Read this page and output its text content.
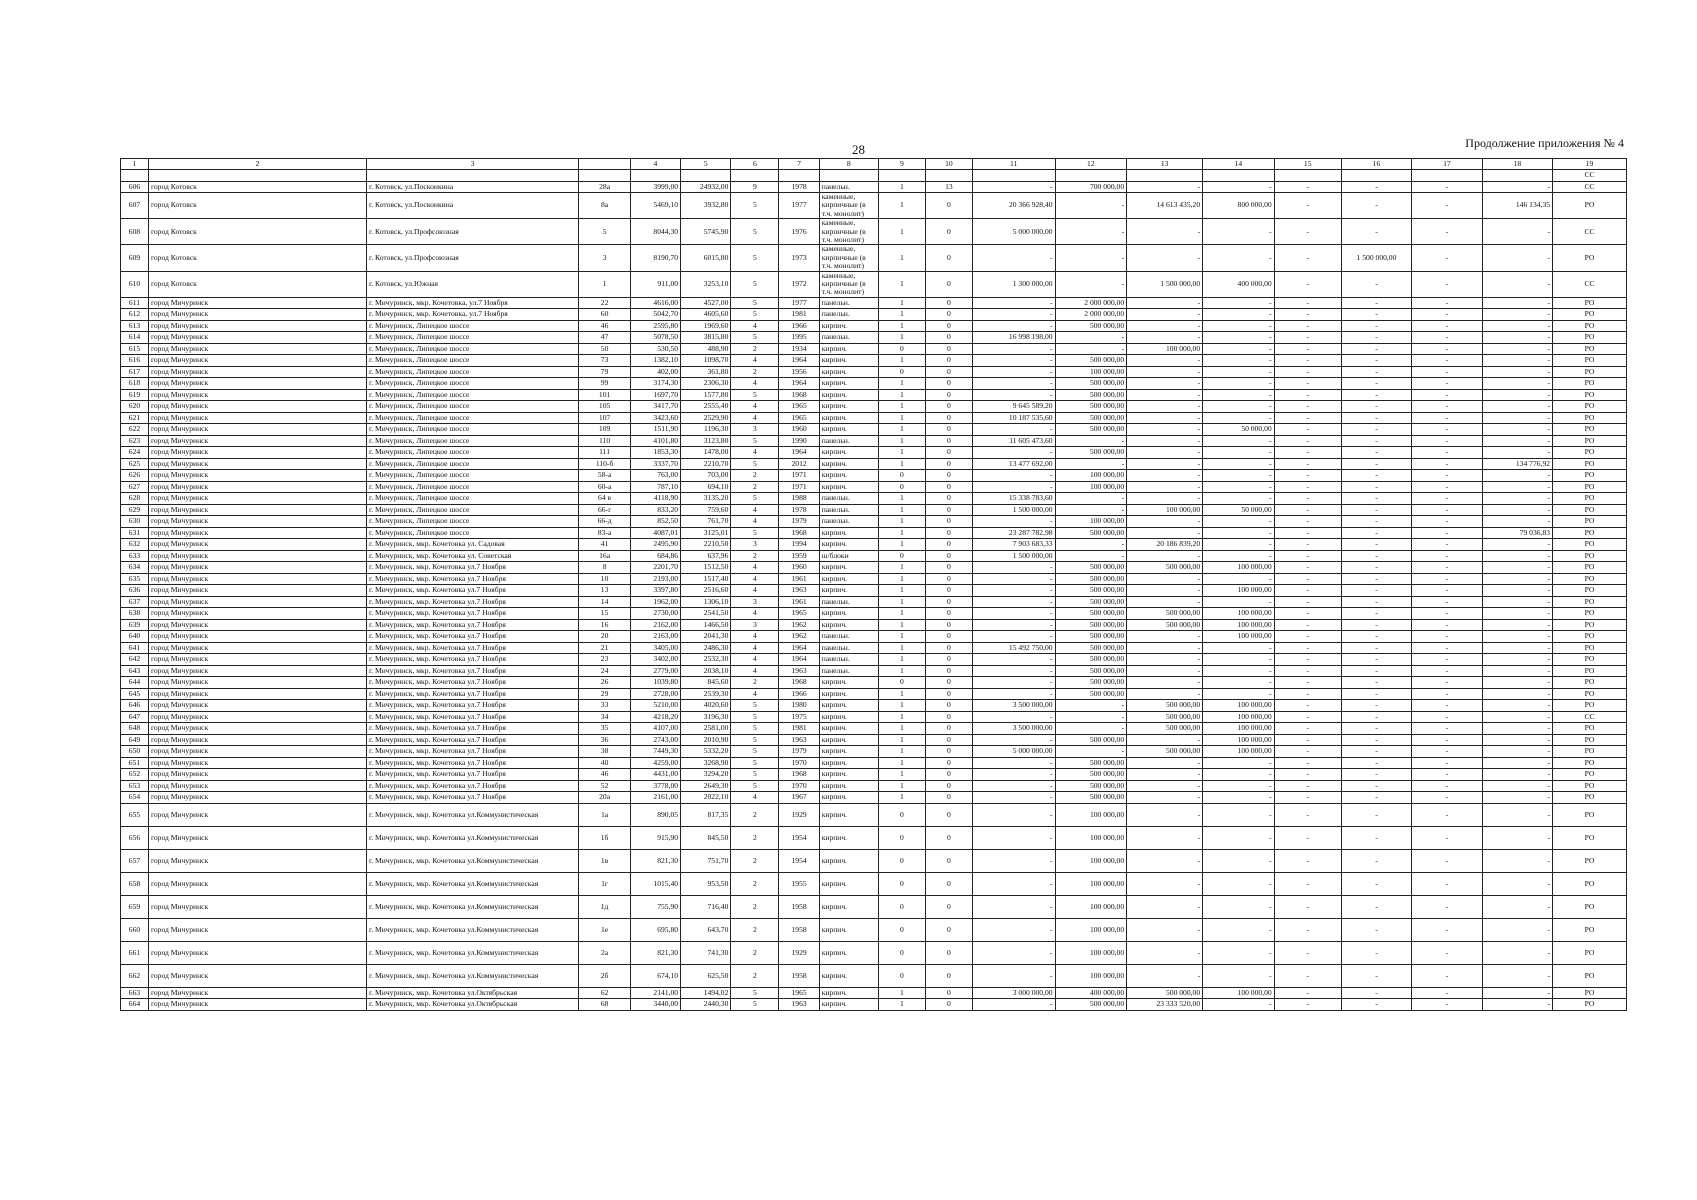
28	Продолжение приложения № 4
1	2	3		4	5	6	7	8	9	10	11	12	13	14	15	16	17	18	19
																			СС
606	город Котовск	г. Котовск, ул.Посконкина	28а	3999,00	24932,00	9	1978	панельн.	1	13	-	700 000,00	-	-	-	-	-	-	СС
607	город Котовск	г. Котовск, ул.Посконкина	8а	5469,10	3932,80	5	1977	каменные, кирпичные (в т.ч. монолит)	1	0	20 366 928,40	-	14 613 435,20	800 000,00	-	-	-	146 134,35	РО
608	город Котовск	г. Котовск, ул.Профсоюзная	5	8044,30	5745,90	5	1976	каменные, кирпичные (в т.ч. монолит)	1	0	5 000 000,00	-	-	-	-	-	-	-	СС
609	город Котовск	г. Котовск, ул.Профсоюзная	3	8190,70	6015,80	5	1973	каменные, кирпичные (в т.ч. монолит)	1	0	-	-	-	-	-	1 500 000,00	-	-	РО
610	город Котовск	г. Котовск, ул.Южная	1	911,00	3253,10	5	1972	каменные, кирпичные (в т.ч. монолит)	1	0	1 300 000,00	-	1 500 000,00	400 000,00	-	-	-	-	СС
611	город Мичуринск	г. Мичуринск, мкр. Кочетовка, ул.7 Ноября	22	4616,00	4527,00	5	1977	панельн.	1	0	-	2 000 000,00	-	-	-	-	-	-	РО
612	город Мичуринск	г. Мичуринск, мкр. Кочетовка, ул.7 Ноября	60	5042,70	4605,60	5	1981	панельн.	1	0	-	2 000 000,00	-	-	-	-	-	-	РО
613	город Мичуринск	г. Мичуринск, Липецкое шоссе	46	2595,80	1969,60	4	1966	кирпич.	1	0	-	500 000,00	-	-	-	-	-	-	РО
614	город Мичуринск	г. Мичуринск, Липецкое шоссе	47	5078,50	3815,80	5	1995	панельн.	1	0	16 998 198,00	-	-	-	-	-	-	-	РО
615	город Мичуринск	г. Мичуринск, Липецкое шоссе	50	530,50	488,90	2	1934	кирпич.	0	0	-	-	100 000,00	-	-	-	-	-	РО
616	город Мичуринск	г. Мичуринск, Липецкое шоссе	73	1382,10	1098,70	4	1964	кирпич.	1	0	-	500 000,00	-	-	-	-	-	-	РО
617	город Мичуринск	г. Мичуринск, Липецкое шоссе	79	402,00	361,80	2	1956	кирпич.	0	0	-	100 000,00	-	-	-	-	-	-	РО
618	город Мичуринск	г. Мичуринск, Липецкое шоссе	99	3174,30	2306,30	4	1964	кирпич.	1	0	-	500 000,00	-	-	-	-	-	-	РО
619	город Мичуринск	г. Мичуринск, Липецкое шоссе	101	1697,70	1577,80	5	1968	кирпич.	1	0	-	500 000,00	-	-	-	-	-	-	РО
620	город Мичуринск	г. Мичуринск, Липецкое шоссе	105	3417,70	2555,40	4	1965	кирпич.	1	0	9 645 589,20	500 000,00	-	-	-	-	-	-	РО
621	город Мичуринск	г. Мичуринск, Липецкое шоссе	107	3423,60	2529,90	4	1965	кирпич.	1	0	10 187 535,60	500 000,00	-	-	-	-	-	-	РО
622	город Мичуринск	г. Мичуринск, Липецкое шоссе	109	1511,90	1196,30	3	1960	кирпич.	1	0	-	500 000,00	-	50 000,00	-	-	-	-	РО
623	город Мичуринск	г. Мичуринск, Липецкое шоссе	110	4101,80	3123,80	5	1990	панельн.	1	0	11 605 473,60	-	-	-	-	-	-	-	РО
624	город Мичуринск	г. Мичуринск, Липецкое шоссе	111	1853,30	1478,00	4	1964	кирпич.	1	0	-	500 000,00	-	-	-	-	-	-	РО
625	город Мичуринск	г. Мичуринск, Липецкое шоссе	110-б	3337,70	2210,70	5	2012	кирпич.	1	0	13 477 692,00	-	-	-	-	-	-	134 776,92	РО
626	город Мичуринск	г. Мичуринск, Липецкое шоссе	58-а	763,00	703,00	2	1971	кирпич.	0	0	-	100 000,00	-	-	-	-	-	-	РО
627	город Мичуринск	г. Мичуринск, Липецкое шоссе	60-а	787,10	694,10	2	1971	кирпич.	0	0	-	100 000,00	-	-	-	-	-	-	РО
628	город Мичуринск	г. Мичуринск, Липецкое шоссе	64 в	4118,90	3135,20	5	1988	панельн.	1	0	15 338 783,60	-	-	-	-	-	-	-	РО
629	город Мичуринск	г. Мичуринск, Липецкое шоссе	66-г	833,20	759,60	4	1978	панельн.	1	0	1 500 000,00	-	100 000,00	50 000,00	-	-	-	-	РО
630	город Мичуринск	г. Мичуринск, Липецкое шоссе	66-д	852,50	761,70	4	1979	панельн.	1	0	-	100 000,00	-	-	-	-	-	-	РО
631	город Мичуринск	г. Мичуринск, Липецкое шоссе	83-а	4087,01	3125,01	5	1968	кирпич.	1	0	23 287 782,98	500 000,00	-	-	-	-	-	79 036,83	РО
632	город Мичуринск	г. Мичуринск, мкр. Кочетовка ул. Садовая	41	2495,90	2210,50	3	1994	кирпич.	1	0	7 903 683,33	-	20 186 839,20	-	-	-	-	-	РО
633	город Мичуринск	г. Мичуринск, мкр. Кочетовка ул. Советская	16а	684,86	637,96	2	1959	ш/блоки	0	0	1 500 000,00	-	-	-	-	-	-	-	РО
634	город Мичуринск	г. Мичуринск, мкр. Кочетовка ул.7 Ноября	8	2201,70	1512,50	4	1960	кирпич.	1	0	-	500 000,00	500 000,00	100 000,00	-	-	-	-	РО
635	город Мичуринск	г. Мичуринск, мкр. Кочетовка ул.7 Ноября	10	2193,00	1517,40	4	1961	кирпич.	1	0	-	500 000,00	-	-	-	-	-	-	РО
636	город Мичуринск	г. Мичуринск, мкр. Кочетовка ул.7 Ноября	13	3397,80	2516,60	4	1963	кирпич.	1	0	-	500 000,00	-	100 000,00	-	-	-	-	РО
637	город Мичуринск	г. Мичуринск, мкр. Кочетовка ул.7 Ноября	14	1962,00	1306,10	3	1961	панельн.	1	0	-	500 000,00	-	-	-	-	-	-	РО
638	город Мичуринск	г. Мичуринск, мкр. Кочетовка ул.7 Ноября	15	2730,00	2541,50	4	1965	кирпич.	1	0	-	500 000,00	500 000,00	100 000,00	-	-	-	-	РО
639	город Мичуринск	г. Мичуринск, мкр. Кочетовка ул.7 Ноября	16	2162,00	1466,50	3	1962	кирпич.	1	0	-	500 000,00	500 000,00	100 000,00	-	-	-	-	РО
640	город Мичуринск	г. Мичуринск, мкр. Кочетовка ул.7 Ноября	20	2163,00	2041,30	4	1962	панельн.	1	0	-	500 000,00	-	100 000,00	-	-	-	-	РО
641	город Мичуринск	г. Мичуринск, мкр. Кочетовка ул.7 Ноября	21	3405,00	2486,30	4	1964	панельн.	1	0	15 492 750,00	500 000,00	-	-	-	-	-	-	РО
642	город Мичуринск	г. Мичуринск, мкр. Кочетовка ул.7 Ноября	23	3402,00	2532,30	4	1964	панельн.	1	0	-	500 000,00	-	-	-	-	-	-	РО
643	город Мичуринск	г. Мичуринск, мкр. Кочетовка ул.7 Ноября	24	2779,00	2038,10	4	1963	панельн.	1	0	-	500 000,00	-	-	-	-	-	-	РО
644	город Мичуринск	г. Мичуринск, мкр. Кочетовка ул.7 Ноября	26	1039,80	845,60	2	1968	кирпич.	0	0	-	500 000,00	-	-	-	-	-	-	РО
645	город Мичуринск	г. Мичуринск, мкр. Кочетовка ул.7 Ноября	29	2728,00	2539,30	4	1966	кирпич.	1	0	-	500 000,00	-	-	-	-	-	-	РО
646	город Мичуринск	г. Мичуринск, мкр. Кочетовка ул.7 Ноября	33	5210,00	4020,60	5	1980	кирпич.	1	0	3 500 000,00	-	500 000,00	100 000,00	-	-	-	-	РО
647	город Мичуринск	г. Мичуринск, мкр. Кочетовка ул.7 Ноября	34	4218,20	3196,30	5	1975	кирпич.	1	0	-	-	500 000,00	100 000,00	-	-	-	-	СС
648	город Мичуринск	г. Мичуринск, мкр. Кочетовка ул.7 Ноября	35	4107,00	2581,00	5	1981	кирпич.	1	0	3 500 000,00	-	500 000,00	100 000,00	-	-	-	-	РО
649	город Мичуринск	г. Мичуринск, мкр. Кочетовка ул.7 Ноября	36	2743,00	2010,90	5	1963	кирпич.	1	0	-	500 000,00	-	100 000,00	-	-	-	-	РО
650	город Мичуринск	г. Мичуринск, мкр. Кочетовка ул.7 Ноября	38	7449,30	5332,20	5	1979	кирпич.	1	0	5 000 000,00	-	500 000,00	100 000,00	-	-	-	-	РО
651	город Мичуринск	г. Мичуринск, мкр. Кочетовка ул.7 Ноября	40	4259,00	3268,90	5	1970	кирпич.	1	0	-	500 000,00	-	-	-	-	-	-	РО
652	город Мичуринск	г. Мичуринск, мкр. Кочетовка ул.7 Ноября	46	4431,00	3294,20	5	1968	кирпич.	1	0	-	500 000,00	-	-	-	-	-	-	РО
653	город Мичуринск	г. Мичуринск, мкр. Кочетовка ул.7 Ноября	52	3778,00	2649,30	5	1970	кирпич.	1	0	-	500 000,00	-	-	-	-	-	-	РО
654	город Мичуринск	г. Мичуринск, мкр. Кочетовка ул.7 Ноября	20а	2161,00	2022,10	4	1967	кирпич.	1	0	-	500 000,00	-	-	-	-	-	-	РО
655	город Мичуринск	г. Мичуринск, мкр. Кочетовка ул.Коммунистическая	1а	890,05	817,35	2	1929	кирпич.	0	0	-	100 000,00	-	-	-	-	-	-	РО
656	город Мичуринск	г. Мичуринск, мкр. Кочетовка ул.Коммунистическая	1б	915,90	845,50	2	1954	кирпич.	0	0	-	100 000,00	-	-	-	-	-	-	РО
657	город Мичуринск	г. Мичуринск, мкр. Кочетовка ул.Коммунистическая	1в	821,30	751,70	2	1954	кирпич.	0	0	-	100 000,00	-	-	-	-	-	-	РО
658	город Мичуринск	г. Мичуринск, мкр. Кочетовка ул.Коммунистическая	1г	1015,40	953,50	2	1955	кирпич.	0	0	-	100 000,00	-	-	-	-	-	-	РО
659	город Мичуринск	г. Мичуринск, мкр. Кочетовка ул.Коммунистическая	1д	755,90	716,40	2	1958	кирпич.	0	0	-	100 000,00	-	-	-	-	-	-	РО
660	город Мичуринск	г. Мичуринск, мкр. Кочетовка ул.Коммунистическая	1е	695,80	643,70	2	1958	кирпич.	0	0	-	100 000,00	-	-	-	-	-	-	РО
661	город Мичуринск	г. Мичуринск, мкр. Кочетовка ул.Коммунистическая	2а	821,30	741,30	2	1929	кирпич.	0	0	-	100 000,00	-	-	-	-	-	-	РО
662	город Мичуринск	г. Мичуринск, мкр. Кочетовка ул.Коммунистическая	2б	674,10	625,50	2	1958	кирпич.	0	0	-	100 000,00	-	-	-	-	-	-	РО
663	город Мичуринск	г. Мичуринск, мкр. Кочетовка ул.Октябрьская	62	2141,00	1494,02	5	1965	кирпич.	1	0	3 000 000,00	400 000,00	500 000,00	100 000,00	-	-	-	-	РО
664	город Мичуринск	г. Мичуринск, мкр. Кочетовка ул.Октябрьская	68	3440,00	2440,30	5	1963	кирпич.	1	0	-	500 000,00	23 333 520,00	-	-	-	-	-	РО
